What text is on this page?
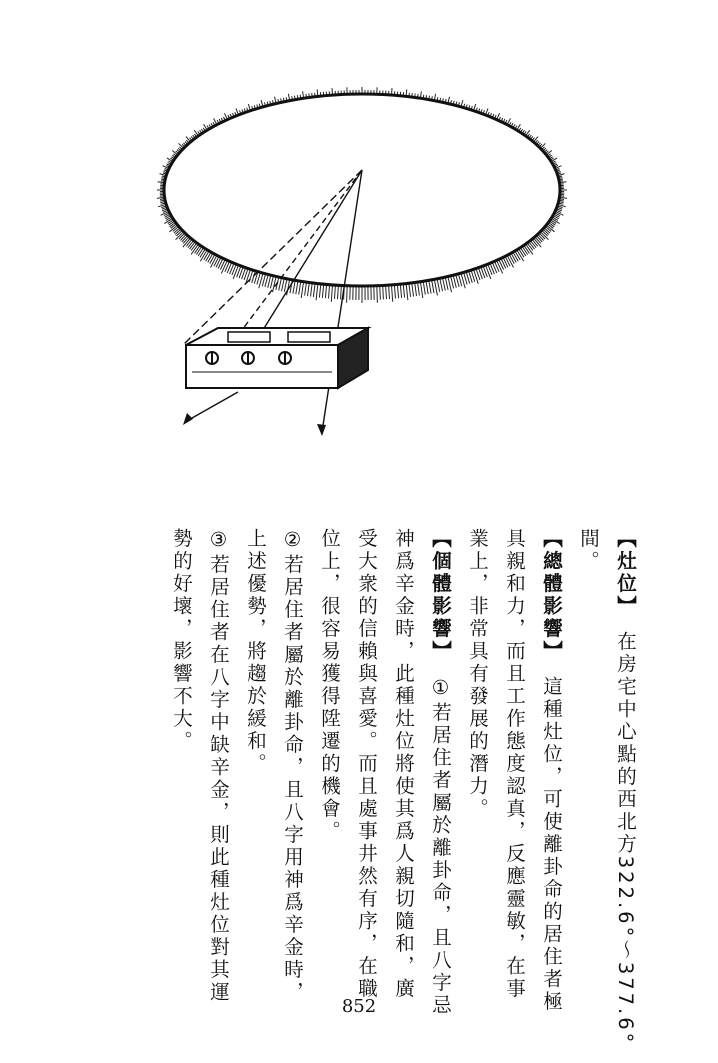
【灶位】　在房宅中心點的西北方322.6°～377.6°
間。
【總體影響】　這種灶位，可使離卦命的居住者極
具親和力，而且工作態度認真，反應靈敏，在事
業上，非常具有發展的潛力。
【個體影響】　①若居住者屬於離卦命，且八字忌
神爲辛金時，此種灶位將使其爲人親切隨和，廣
受大衆的信賴與喜愛。而且處事井然有序，在職
位上，很容易獲得陞遷的機會。
②若居住者屬於離卦命，且八字用神爲辛金時，
上述優勢，將趨於緩和。
③若居住者在八字中缺辛金，則此種灶位對其運
勢的好壞，影響不大。
852
